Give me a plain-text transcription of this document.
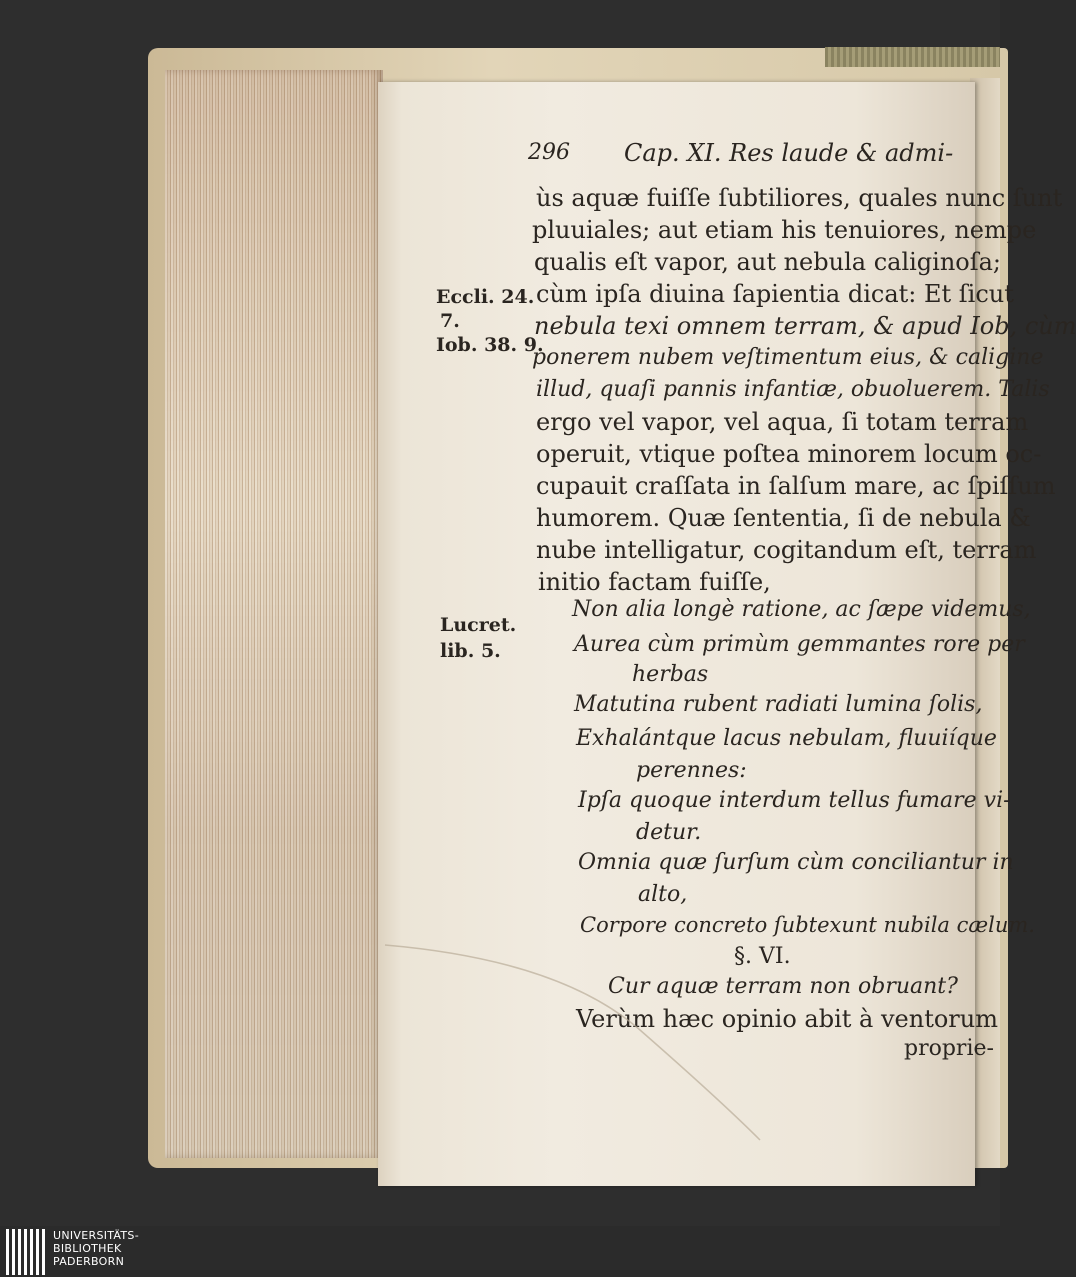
296 Cap. XI. Res laude & admi-
Eccli. 24.
7.
Iob. 38. 9.
Lucret.
lib. 5.
ùs aquæ fuiſſe ſubtiliores, quales nunc ſunt
pluuiales; aut etiam his tenuiores, nempe
qualis eſt vapor, aut nebula caliginoſa;
cùm ipſa diuina ſapientia dicat: Et ſicut
nebula texi omnem terram, & apud Iob, cùm
ponerem nubem veſtimentum eius, & caligine
illud, quaſi pannis infantiæ, obuoluerem. Talis
ergo vel vapor, vel aqua, ſi totam terram
operuit, vtique poſtea minorem locum oc-
cupauit craſſata in ſalſum mare, ac ſpiſſum
humorem. Quæ ſententia, ſi de nebula &
nube intelligatur, cogitandum eſt, terram
initio factam fuiſſe,
Non alia longè ratione, ac ſæpe videmus,
Aurea cùm primùm gemmantes rore per
herbas
Matutina rubent radiati lumina ſolis,
Exhalántque lacus nebulam, fluuiíque
perennes:
Ipſa quoque interdum tellus fumare vi-
detur.
Omnia quæ ſurſum cùm conciliantur in
alto,
Corpore concreto ſubtexunt nubila cælum.
§. VI.
Cur aquæ terram non obruant?
Verùm hæc opinio abit à ventorum
proprie-
UNIVERSITÄTS-
BIBLIOTHEK
PADERBORN
